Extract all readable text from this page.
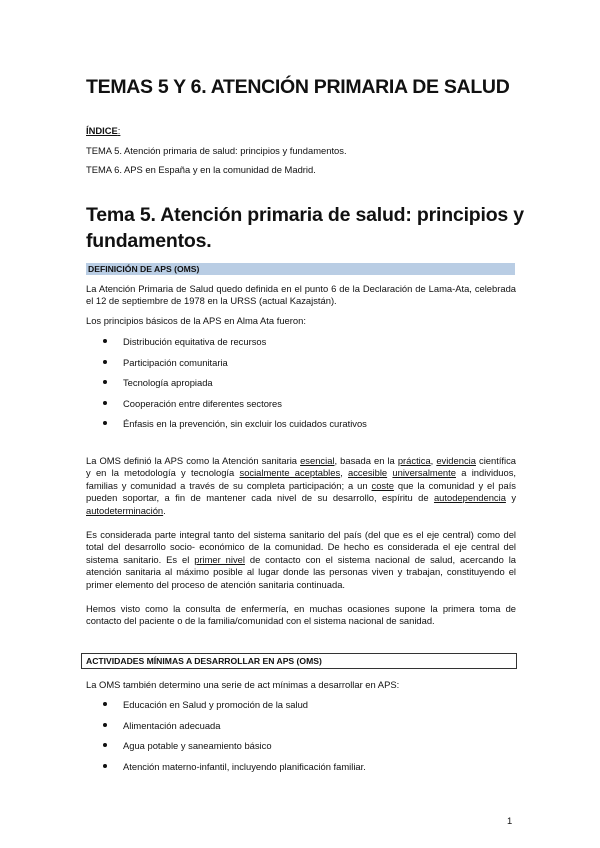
TEMAS 5 Y 6. ATENCIÓN PRIMARIA DE SALUD
ÍNDICE:
TEMA 5. Atención primaria de salud: principios y fundamentos.
TEMA 6. APS en España y en la comunidad de Madrid.
Tema 5. Atención primaria de salud: principios y fundamentos.
DEFINICIÓN DE APS (OMS)
La Atención Primaria de Salud quedo definida en el punto 6 de la Declaración de Lama-Ata, celebrada el 12 de septiembre de 1978 en la URSS (actual Kazajstán).
Los principios básicos de la APS en Alma Ata fueron:
Distribución equitativa de recursos
Participación comunitaria
Tecnología apropiada
Cooperación entre diferentes sectores
Énfasis en la prevención, sin excluir los cuidados curativos
La OMS definió la APS como la Atención sanitaria esencial, basada en la práctica, evidencia científica y en la metodología y tecnología socialmente aceptables, accesible universalmente a individuos, familias y comunidad a través de su completa participación; a un coste que la comunidad y el país pueden soportar, a fin de mantener cada nivel de su desarrollo, espíritu de autodependencia y autodeterminación.
Es considerada parte integral tanto del sistema sanitario del país (del que es el eje central) como del total del desarrollo socio- económico de la comunidad. De hecho es considerada el eje central del sistema sanitario. Es el primer nivel de contacto con el sistema nacional de salud, acercando la atención sanitaria al máximo posible al lugar donde las personas viven y trabajan, constituyendo el primer elemento del proceso de atención sanitaria continuada.
Hemos visto como la consulta de enfermería, en muchas ocasiones supone la primera toma de contacto del paciente o de la familia/comunidad con el sistema nacional de sanidad.
ACTIVIDADES MÍNIMAS A DESARROLLAR EN APS (OMS)
La OMS también determino una serie de act mínimas a desarrollar en APS:
Educación en Salud y promoción de la salud
Alimentación adecuada
Agua potable y saneamiento básico
Atención materno-infantil, incluyendo planificación familiar.
1
